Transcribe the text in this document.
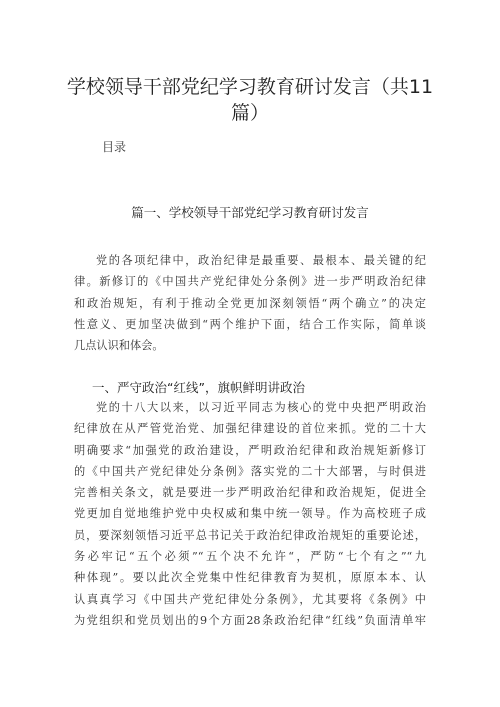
学校领导干部党纪学习教育研讨发言（共11
篇）
目录
篇一、学校领导干部党纪学习教育研讨发言
党的各项纪律中，政治纪律是最重要、最根本、最关键的纪
律。新修订的《中国共产党纪律处分条例》进一步严明政治纪律
和政治规矩，有利于推动全党更加深刻领悟“两个确立”的决定
性意义、更加坚决做到“两个维护下面，结合工作实际，简单谈
几点认识和体会。
一、严守政治“红线”，旗帜鲜明讲政治
党的十八大以来，以习近平同志为核心的党中央把严明政治
纪律放在从严管党治党、加强纪律建设的首位来抓。党的二十大
明确要求“加强党的政治建设，严明政治纪律和政治规矩新修订
的《中国共产党纪律处分条例》落实党的二十大部署，与时俱进
完善相关条文，就是要进一步严明政治纪律和政治规矩，促进全
党更加自觉地维护党中央权威和集中统一领导。作为高校班子成
员，要深刻领悟习近平总书记关于政治纪律政治规矩的重要论述，
务必牢记“五个必须”“五个决不允许“，严防“七个有之”“九
种体现”。要以此次全党集中性纪律教育为契机，原原本本、认
认真真学习《中国共产党纪律处分条例》，尤其要将《条例》中
为党组织和党员划出的9个方面28条政治纪律“红线”负面清单牢
